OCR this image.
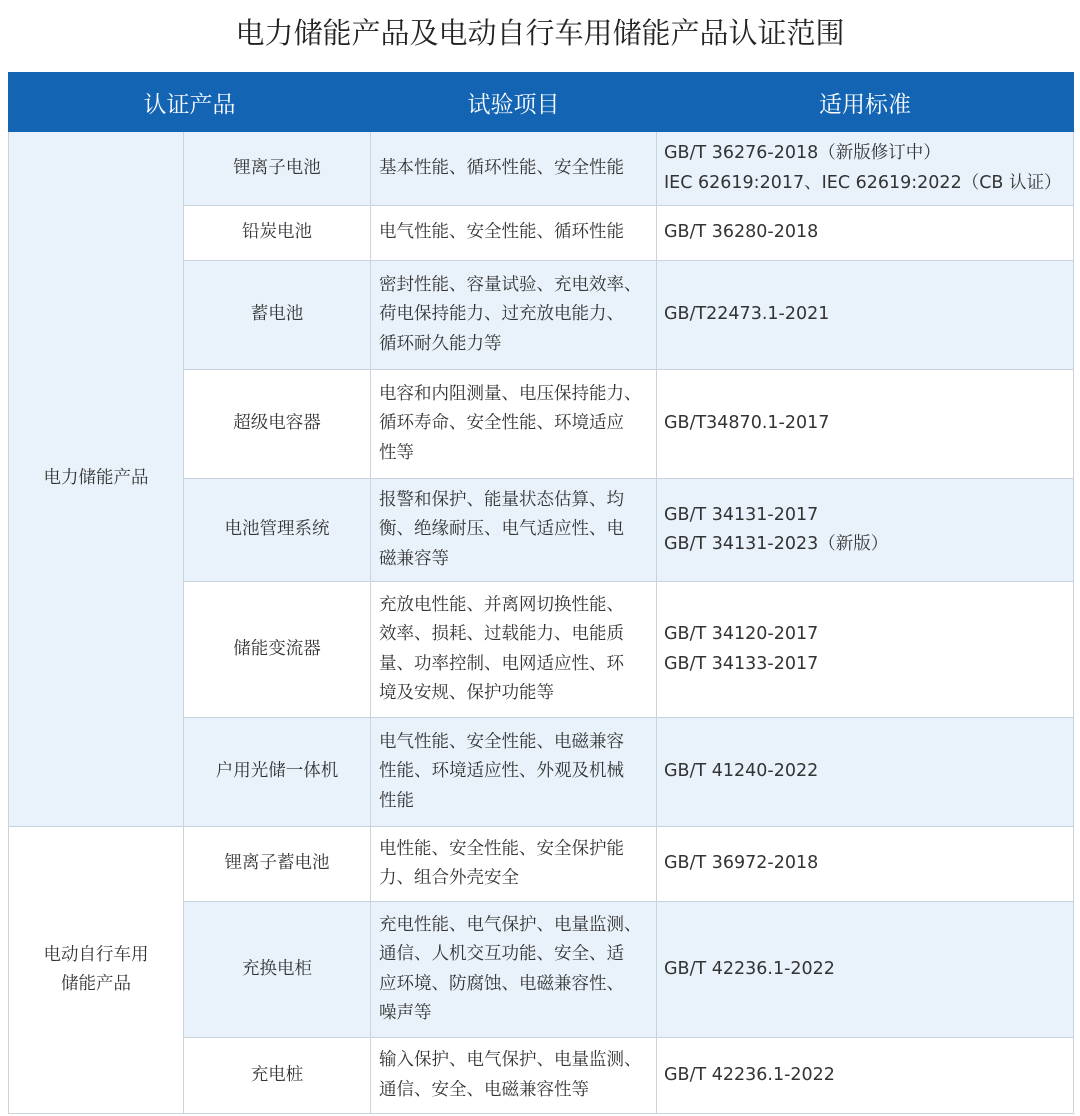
电力储能产品及电动自行车用储能产品认证范围
认证产品		试验项目	适用标准
电力储能产品	锂离子电池	基本性能、循环性能、安全性能	GB/T 36276-2018（新版修订中）
IEC 62619:2017、IEC 62619:2022（CB 认证）

	铅炭电池	电气性能、安全性能、循环性能	GB/T 36280-2018

	蓄电池	密封性能、容量试验、充电效率、
荷电保持能力、过充放电能力、
循环耐久能力等	GB/T22473.1-2021

	超级电容器	电容和内阻测量、电压保持能力、
循环寿命、安全性能、环境适应
性等	GB/T34870.1-2017

	电池管理系统	报警和保护、能量状态估算、均
衡、绝缘耐压、电气适应性、电
磁兼容等	GB/T 34131-2017
GB/T 34131-2023（新版）

	储能变流器	充放电性能、并离网切换性能、
效率、损耗、过载能力、电能质
量、功率控制、电网适应性、环
境及安规、保护功能等	GB/T 34120-2017
GB/T 34133-2017

	户用光储一体机	电气性能、安全性能、电磁兼容
性能、环境适应性、外观及机械
性能	GB/T 41240-2022

电动自行车用
储能产品	锂离子蓄电池	电性能、安全性能、安全保护能
力、组合外壳安全	GB/T 36972-2018

	充换电柜	充电性能、电气保护、电量监测、
通信、人机交互功能、安全、适
应环境、防腐蚀、电磁兼容性、
噪声等	GB/T 42236.1-2022

	充电桩	输入保护、电气保护、电量监测、
通信、安全、电磁兼容性等	GB/T 42236.1-2022
